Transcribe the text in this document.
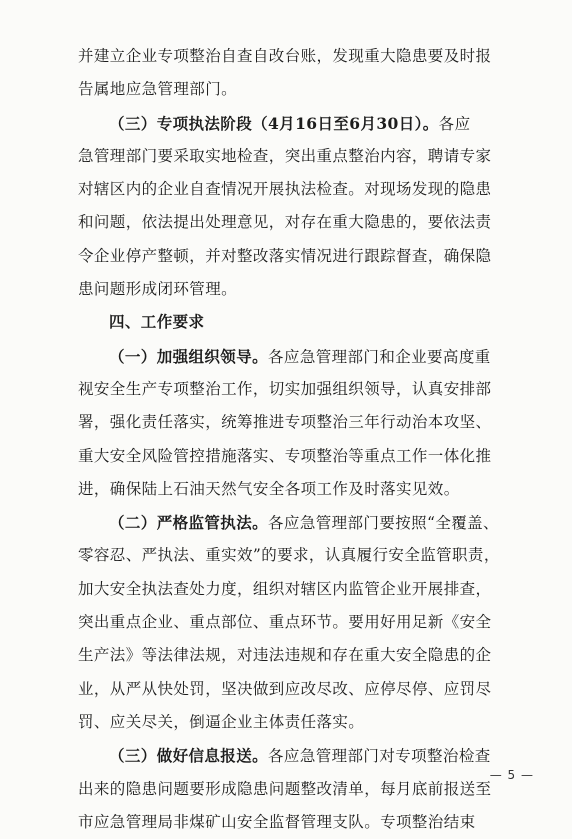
并建立企业专项整治自查自改台账，发现重大隐患要及时报
告属地应急管理部门。
（三）专项执法阶段（4月16日至6月30日）。各应
急管理部门要采取实地检查，突出重点整治内容，聘请专家
对辖区内的企业自查情况开展执法检查。对现场发现的隐患
和问题，依法提出处理意见，对存在重大隐患的，要依法责
令企业停产整顿，并对整改落实情况进行跟踪督查，确保隐
患问题形成闭环管理。
四、工作要求
（一）加强组织领导。各应急管理部门和企业要高度重
视安全生产专项整治工作，切实加强组织领导，认真安排部
署，强化责任落实，统筹推进专项整治三年行动治本攻坚、
重大安全风险管控措施落实、专项整治等重点工作一体化推
进，确保陆上石油天然气安全各项工作及时落实见效。
（二）严格监管执法。各应急管理部门要按照“全覆盖、
零容忍、严执法、重实效”的要求，认真履行安全监管职责，
加大安全执法查处力度，组织对辖区内监管企业开展排查，
突出重点企业、重点部位、重点环节。要用好用足新《安全
生产法》等法律法规，对违法违规和存在重大安全隐患的企
业，从严从快处罚，坚决做到应改尽改、应停尽停、应罚尽
罚、应关尽关，倒逼企业主体责任落实。
（三）做好信息报送。各应急管理部门对专项整治检查
出来的隐患问题要形成隐患问题整改清单，每月底前报送至
市应急管理局非煤矿山安全监督管理支队。专项整治结束
— 5 —
